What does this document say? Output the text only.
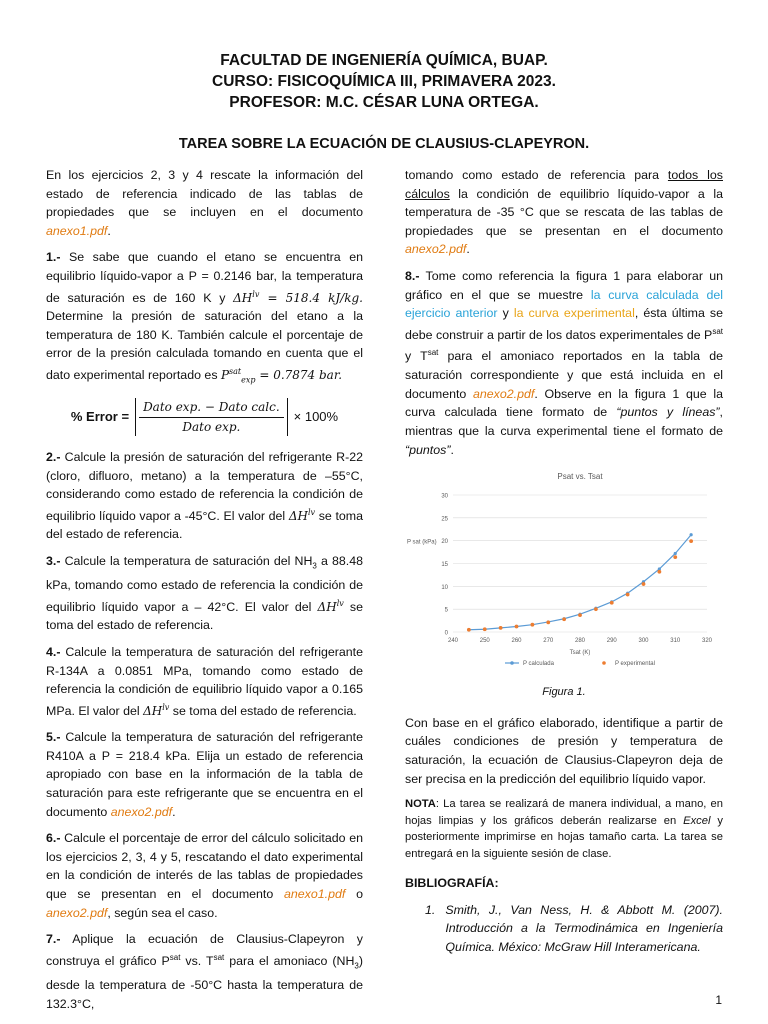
FACULTAD DE INGENIERÍA QUÍMICA, BUAP.
CURSO: FISICOQUÍMICA III, PRIMAVERA 2023.
PROFESOR: M.C. CÉSAR LUNA ORTEGA.
TAREA SOBRE LA ECUACIÓN DE CLAUSIUS-CLAPEYRON.

En los ejercicios 2, 3 y 4 rescate la información del estado de referencia indicado de las tablas de propiedades que se incluyen en el documento anexo1.pdf.

1.- Se sabe que cuando el etano se encuentra en equilibrio líquido-vapor a P = 0.2146 bar, la temperatura de saturación es de 160 K y $\Delta H^{lv} = 518.4$ kJ/kg. Determine la presión de saturación del etano a la temperatura de 180 K. También calcule el porcentaje de error de la presión calculada tomando en cuenta que el dato experimental reportado es $P^{sat}_{exp} = 0.7874$ bar.

% Error = $\frac{\text{Dato exp. − Dato calc.}}{\text{Dato exp.}} \times 100\%$

2.- Calcule la presión de saturación del refrigerante R-22 (cloro, difluoro, metano) a la temperatura de –55°C, considerando como estado de referencia la condición de equilibrio líquido vapor a -45°C. El valor del $\Delta H^{lv}$ se toma del estado de referencia.

3.- Calcule la temperatura de saturación del $NH_3$ a 88.48 kPa, tomando como estado de referencia la condición de equilibrio líquido vapor a – 42°C. El valor del $\Delta H^{lv}$ se toma del estado de referencia.

4.- Calcule la temperatura de saturación del refrigerante R-134A a 0.0851 MPa, tomando como estado de referencia la condición de equilibrio líquido vapor a 0.165 MPa. El valor del $\Delta H^{lv}$ se toma del estado de referencia.

5.- Calcule la temperatura de saturación del refrigerante R410A a P = 218.4 kPa. Elija un estado de referencia apropiado con base en la información de la tabla de saturación para este refrigerante que se encuentra en el documento anexo2.pdf.

6.- Calcule el porcentaje de error del cálculo solicitado en los ejercicios 2, 3, 4 y 5, rescatando el dato experimental en la condición de interés de las tablas de propiedades que se presentan en el documento anexo1.pdf o anexo2.pdf, según sea el caso.

7.- Aplique la ecuación de Clausius-Clapeyron y construya el gráfico $P^{sat}$ vs. $T^{sat}$ para el amoniaco $(NH_3)$ desde la temperatura de -50°C hasta la temperatura de 132.3°C,

tomando como estado de referencia para todos los cálculos la condición de equilibrio líquido-vapor a la temperatura de -35 °C que se rescata de las tablas de propiedades que se presentan en el documento anexo2.pdf.

8.- Tome como referencia la figura 1 para elaborar un gráfico en el que se muestre la curva calculada del ejercicio anterior y la curva experimental, ésta última se debe construir a partir de los datos experimentales de $P^{sat}$ y $T^{sat}$ para el amoniaco reportados en la tabla de saturación correspondiente y que está incluida en el documento anexo2.pdf. Observe en la figura 1 que la curva calculada tiene formato de “puntos y líneas”, mientras que la curva experimental tiene el formato de “puntos”.

Psat vs. Tsat
0
5
10
15
20
25
30
240	250	260	270	280	290	300	310	320
Tsat (K)
P sat (kPa)
P calculada	P experimental
Figura 1.

Con base en el gráfico elaborado, identifique a partir de cuáles condiciones de presión y temperatura de saturación, la ecuación de Clausius-Clapeyron deja de ser precisa en la predicción del equilibrio líquido vapor.

NOTA: La tarea se realizará de manera individual, a mano, en hojas limpias y los gráficos deberán realizarse en Excel y posteriormente imprimirse en hojas tamaño carta. La tarea se entregará en la siguiente sesión de clase.

BIBLIOGRAFÍA:

1. Smith, J., Van Ness, H. & Abbott M. (2007). Introducción a la Termodinámica en Ingeniería Química. México: McGraw Hill Interamericana.
1
